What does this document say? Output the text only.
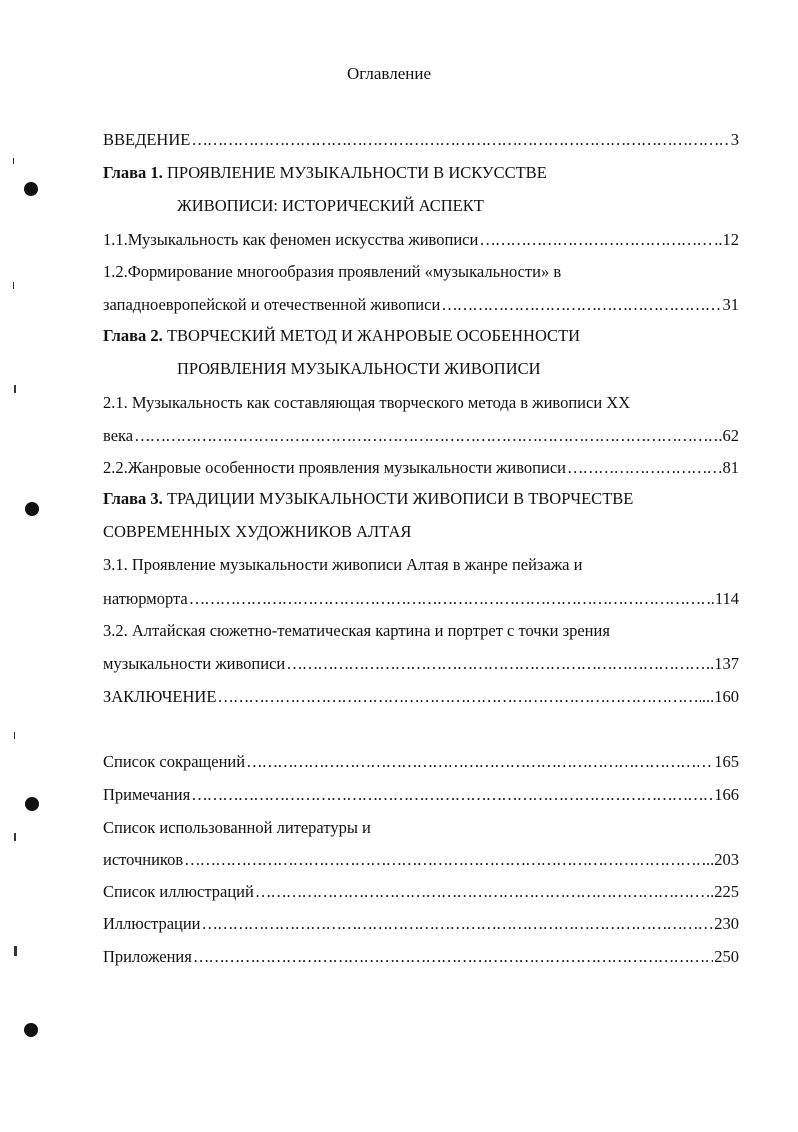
Оглавление
ВВЕДЕНИЕ ……………………………………………………………………………………………………………………………………………………………………………………	3
Глава 1. ПРОЯВЛЕНИЕ МУЗЫКАЛЬНОСТИ В ИСКУССТВЕ
ЖИВОПИСИ: ИСТОРИЧЕСКИЙ АСПЕКТ
1.1.Музыкальность как феномен искусства живописи ……………………………………………………………………………………………………………………………………………………………………………………	..12
1.2.Формирование многообразия проявлений «музыкальности» в
западноевропейской и отечественной живописи ……………………………………………………………………………………………………………………………………………………………………………………	31
Глава 2. ТВОРЧЕСКИЙ МЕТОД И ЖАНРОВЫЕ ОСОБЕННОСТИ
ПРОЯВЛЕНИЯ МУЗЫКАЛЬНОСТИ ЖИВОПИСИ
2.1. Музыкальность как составляющая творческого метода в живописи XX
века ……………………………………………………………………………………………………………………………………………………………………………………	.62
2.2.Жанровые особенности проявления музыкальности живописи ……………………………………………………………………………………………………………………………………………………………………………………	81
Глава 3. ТРАДИЦИИ МУЗЫКАЛЬНОСТИ ЖИВОПИСИ В ТВОРЧЕСТВЕ
СОВРЕМЕННЫХ ХУДОЖНИКОВ АЛТАЯ
3.1. Проявление музыкальности живописи Алтая в жанре пейзажа и
натюрморта ……………………………………………………………………………………………………………………………………………………………………………………	..114
3.2. Алтайская сюжетно-тематическая картина и портрет с точки зрения
музыкальности живописи ……………………………………………………………………………………………………………………………………………………………………………………	..137
ЗАКЛЮЧЕНИЕ ……………………………………………………………………………………………………………………………………………………………………………………	...160
Список сокращений ……………………………………………………………………………………………………………………………………………………………………………………	165
Примечания ……………………………………………………………………………………………………………………………………………………………………………………	166
Список использованной литературы и
источников ……………………………………………………………………………………………………………………………………………………………………………………	..203
Список иллюстраций ……………………………………………………………………………………………………………………………………………………………………………………	..225
Иллюстрации ……………………………………………………………………………………………………………………………………………………………………………………	230
Приложения ……………………………………………………………………………………………………………………………………………………………………………………	250
